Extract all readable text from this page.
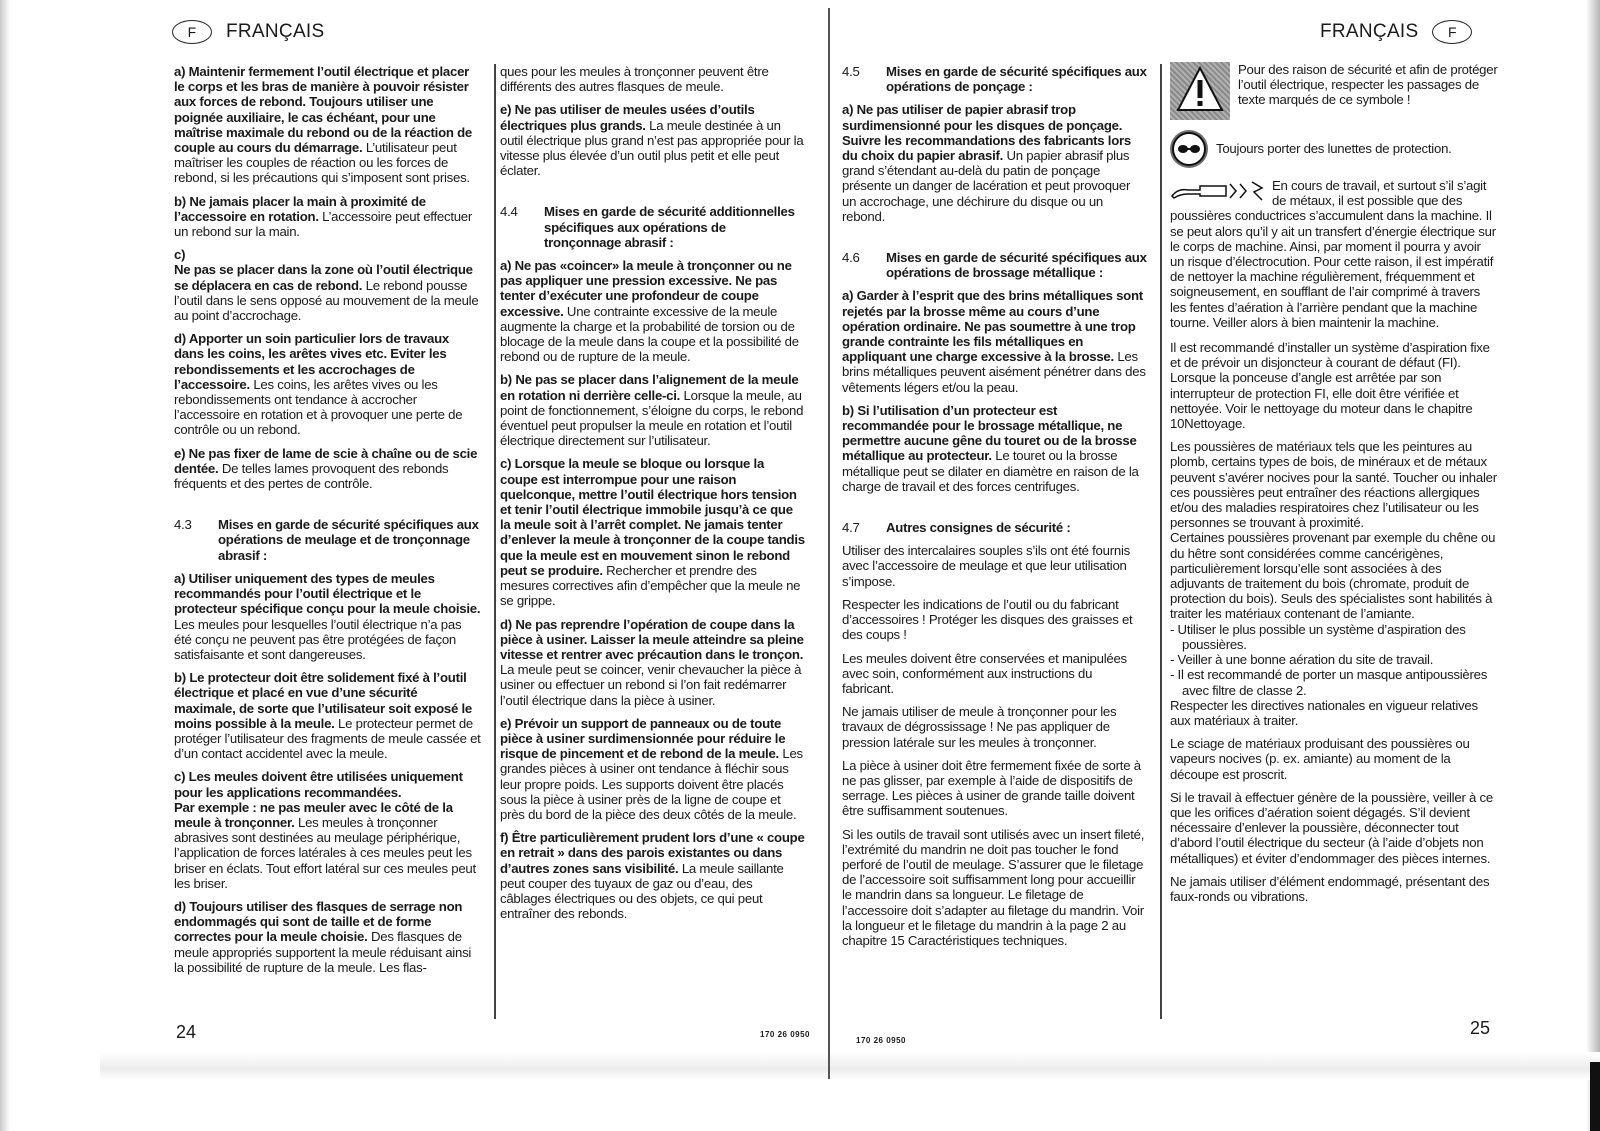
F	FRANÇAIS

a) Maintenir fermement l’outil électrique et placer le corps et les bras de manière à pouvoir résister aux forces de rebond. Toujours utiliser une poignée auxiliaire, le cas échéant, pour une maîtrise maximale du rebond ou de la réaction de couple au cours du démarrage. L’utilisateur peut maîtriser les couples de réaction ou les forces de rebond, si les précautions qui s’imposent sont prises.

b) Ne jamais placer la main à proximité de l’accessoire en rotation. L’accessoire peut effectuer un rebond sur la main.

c)
Ne pas se placer dans la zone où l’outil électrique se déplacera en cas de rebond. Le rebond pousse l’outil dans le sens opposé au mouvement de la meule au point d’accrochage.

d) Apporter un soin particulier lors de travaux dans les coins, les arêtes vives etc. Eviter les rebondissements et les accrochages de l’accessoire. Les coins, les arêtes vives ou les rebondissements ont tendance à accrocher l’accessoire en rotation et à provoquer une perte de contrôle ou un rebond.

e) Ne pas fixer de lame de scie à chaîne ou de scie dentée. De telles lames provoquent des rebonds fréquents et des pertes de contrôle.

4.3	Mises en garde de sécurité spécifiques aux opérations de meulage et de tronçonnage abrasif :

a) Utiliser uniquement des types de meules recommandés pour l’outil électrique et le protecteur spécifique conçu pour la meule choisie. Les meules pour lesquelles l’outil électrique n’a pas été conçu ne peuvent pas être protégées de façon satisfaisante et sont dangereuses.

b) Le protecteur doit être solidement fixé à l’outil électrique et placé en vue d’une sécurité maximale, de sorte que l’utilisateur soit exposé le moins possible à la meule. Le protecteur permet de protéger l’utilisateur des fragments de meule cassée et d’un contact accidentel avec la meule.

c) Les meules doivent être utilisées uniquement pour les applications recommandées.
Par exemple : ne pas meuler avec le côté de la meule à tronçonner. Les meules à tronçonner abrasives sont destinées au meulage périphérique, l’application de forces latérales à ces meules peut les briser en éclats. Tout effort latéral sur ces meules peut les briser.

d) Toujours utiliser des flasques de serrage non endommagés qui sont de taille et de forme correctes pour la meule choisie. Des flasques de meule appropriés supportent la meule réduisant ainsi la possibilité de rupture de la meule. Les flas-

ques pour les meules à tronçonner peuvent être différents des autres flasques de meule.

e) Ne pas utiliser de meules usées d’outils électriques plus grands. La meule destinée à un outil électrique plus grand n’est pas appropriée pour la vitesse plus élevée d’un outil plus petit et elle peut éclater.

4.4	Mises en garde de sécurité additionnelles spécifiques aux opérations de tronçonnage abrasif :

a) Ne pas «coincer» la meule à tronçonner ou ne pas appliquer une pression excessive. Ne pas tenter d’exécuter une profondeur de coupe excessive. Une contrainte excessive de la meule augmente la charge et la probabilité de torsion ou de blocage de la meule dans la coupe et la possibilité de rebond ou de rupture de la meule.

b) Ne pas se placer dans l’alignement de la meule en rotation ni derrière celle-ci. Lorsque la meule, au point de fonctionnement, s’éloigne du corps, le rebond éventuel peut propulser la meule en rotation et l’outil électrique directement sur l’utilisateur.

c) Lorsque la meule se bloque ou lorsque la coupe est interrompue pour une raison quelconque, mettre l’outil électrique hors tension et tenir l’outil électrique immobile jusqu’à ce que la meule soit à l’arrêt complet. Ne jamais tenter d’enlever la meule à tronçonner de la coupe tandis que la meule est en mouvement sinon le rebond peut se produire. Rechercher et prendre des mesures correctives afin d’empêcher que la meule ne se grippe.

d) Ne pas reprendre l’opération de coupe dans la pièce à usiner. Laisser la meule atteindre sa pleine vitesse et rentrer avec précaution dans le tronçon. La meule peut se coincer, venir chevaucher la pièce à usiner ou effectuer un rebond si l’on fait redémarrer l’outil électrique dans la pièce à usiner.

e) Prévoir un support de panneaux ou de toute pièce à usiner surdimensionnée pour réduire le risque de pincement et de rebond de la meule. Les grandes pièces à usiner ont tendance à fléchir sous leur propre poids. Les supports doivent être placés sous la pièce à usiner près de la ligne de coupe et près du bord de la pièce des deux côtés de la meule.

f) Être particulièrement prudent lors d’une « coupe en retrait » dans des parois existantes ou dans d’autres zones sans visibilité. La meule saillante peut couper des tuyaux de gaz ou d’eau, des câblages électriques ou des objets, ce qui peut entraîner des rebonds.

24	170 26 0950
FRANÇAIS	F
4.5	Mises en garde de sécurité spécifiques aux opérations de ponçage :

a) Ne pas utiliser de papier abrasif trop surdimensionné pour les disques de ponçage. Suivre les recommandations des fabricants lors du choix du papier abrasif. Un papier abrasif plus grand s’étendant au-delà du patin de ponçage présente un danger de lacération et peut provoquer un accrochage, une déchirure du disque ou un rebond.

4.6	Mises en garde de sécurité spécifiques aux opérations de brossage métallique :

a) Garder à l’esprit que des brins métalliques sont rejetés par la brosse même au cours d’une opération ordinaire. Ne pas soumettre à une trop grande contrainte les fils métalliques en appliquant une charge excessive à la brosse. Les brins métalliques peuvent aisément pénétrer dans des vêtements légers et/ou la peau.

b) Si l’utilisation d’un protecteur est recommandée pour le brossage métallique, ne permettre aucune gêne du touret ou de la brosse métallique au protecteur. Le touret ou la brosse métallique peut se dilater en diamètre en raison de la charge de travail et des forces centrifuges.

4.7	Autres consignes de sécurité :

Utiliser des intercalaires souples s’ils ont été fournis avec l’accessoire de meulage et que leur utilisation s’impose.

Respecter les indications de l’outil ou du fabricant d’accessoires ! Protéger les disques des graisses et des coups !

Les meules doivent être conservées et manipulées avec soin, conformément aux instructions du fabricant.

Ne jamais utiliser de meule à tronçonner pour les travaux de dégrossissage ! Ne pas appliquer de pression latérale sur les meules à tronçonner.

La pièce à usiner doit être fermement fixée de sorte à ne pas glisser, par exemple à l’aide de dispositifs de serrage. Les pièces à usiner de grande taille doivent être suffisamment soutenues.

Si les outils de travail sont utilisés avec un insert fileté, l’extrémité du mandrin ne doit pas toucher le fond perforé de l’outil de meulage. S’assurer que le filetage de l’accessoire soit suffisamment long pour accueillir le mandrin dans sa longueur. Le filetage de l’accessoire doit s’adapter au filetage du mandrin. Voir la longueur et le filetage du mandrin à la page 2 au chapitre 15 Caractéristiques techniques.

Pour des raison de sécurité et afin de protéger l’outil électrique, respecter les passages de texte marqués de ce symbole !
Toujours porter des lunettes de protection.
En cours de travail, et surtout s’il s’agit de métaux, il est possible que des poussières conductrices s’accumulent dans la machine. Il se peut alors qu’il y ait un transfert d’énergie électrique sur le corps de machine. Ainsi, par moment il pourra y avoir un risque d’électrocution. Pour cette raison, il est impératif de nettoyer la machine régulièrement, fréquemment et soigneusement, en soufflant de l’air comprimé à travers les fentes d’aération à l’arrière pendant que la machine tourne. Veiller alors à bien maintenir la machine.

Il est recommandé d’installer un système d’aspiration fixe et de prévoir un disjoncteur à courant de défaut (FI). Lorsque la ponceuse d’angle est arrêtée par son interrupteur de protection FI, elle doit être vérifiée et nettoyée. Voir le nettoyage du moteur dans le chapitre 10Nettoyage.

Les poussières de matériaux tels que les peintures au plomb, certains types de bois, de minéraux et de métaux peuvent s’avérer nocives pour la santé. Toucher ou inhaler ces poussières peut entraîner des réactions allergiques et/ou des maladies respiratoires chez l’utilisateur ou les personnes se trouvant à proximité.
Certaines poussières provenant par exemple du chêne ou du hêtre sont considérées comme cancérigènes, particulièrement lorsqu’elle sont associées à des adjuvants de traitement du bois (chromate, produit de protection du bois). Seuls des spécialistes sont habilités à traiter les matériaux contenant de l’amiante.

- Utiliser le plus possible un système d’aspiration des poussières.
- Veiller à une bonne aération du site de travail.
- Il est recommandé de porter un masque antipoussières avec filtre de classe 2.

Respecter les directives nationales en vigueur relatives aux matériaux à traiter.

Le sciage de matériaux produisant des poussières ou vapeurs nocives (p. ex. amiante) au moment de la découpe est proscrit.

Si le travail à effectuer génère de la poussière, veiller à ce que les orifices d’aération soient dégagés. S’il devient nécessaire d’enlever la poussière, déconnecter tout d’abord l’outil électrique du secteur (à l’aide d’objets non métalliques) et éviter d’endommager des pièces internes.

Ne jamais utiliser d’élément endommagé, présentant des faux-ronds ou vibrations.

25
170 26 0950
